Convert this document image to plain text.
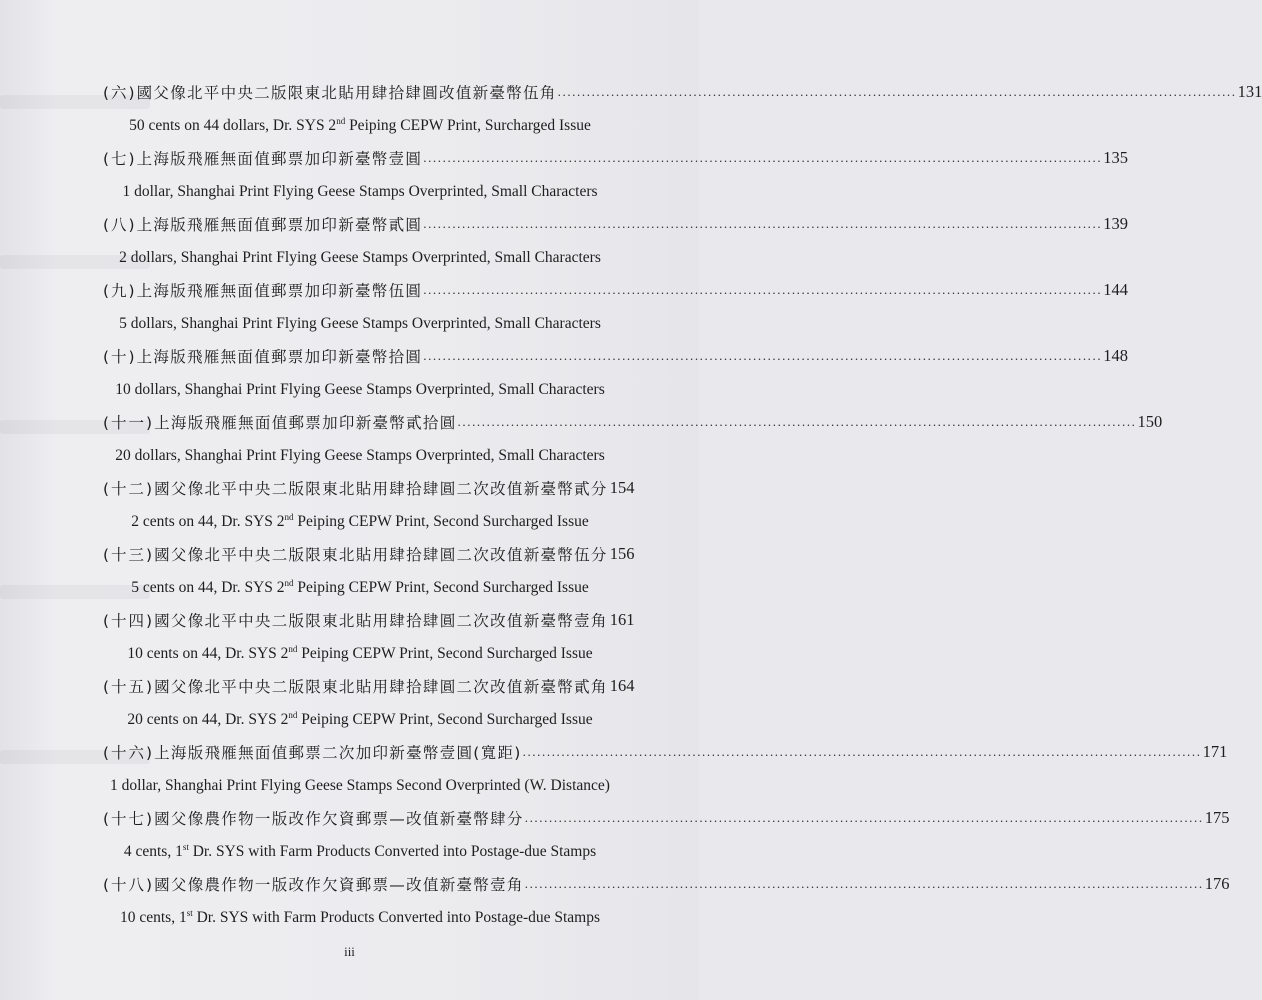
(六) 國父像北平中央二版限東北貼用肆拾肆圓改值新臺幣伍角 ............................................................................................................................................ 131
50 cents on 44 dollars, Dr. SYS 2nd Peiping CEPW Print, Surcharged Issue
(七) 上海版飛雁無面值郵票加印新臺幣壹圓 ............................................................................................................................................ 135
1 dollar, Shanghai Print Flying Geese Stamps Overprinted, Small Characters
(八) 上海版飛雁無面值郵票加印新臺幣貳圓 ............................................................................................................................................ 139
2 dollars, Shanghai Print Flying Geese Stamps Overprinted, Small Characters
(九) 上海版飛雁無面值郵票加印新臺幣伍圓 ............................................................................................................................................ 144
5 dollars, Shanghai Print Flying Geese Stamps Overprinted, Small Characters
(十) 上海版飛雁無面值郵票加印新臺幣拾圓 ............................................................................................................................................ 148
10 dollars, Shanghai Print Flying Geese Stamps Overprinted, Small Characters
(十一) 上海版飛雁無面值郵票加印新臺幣貳拾圓 ............................................................................................................................................ 150
20 dollars, Shanghai Print Flying Geese Stamps Overprinted, Small Characters
(十二) 國父像北平中央二版限東北貼用肆拾肆圓二次改值新臺幣貳分 154
2 cents on 44, Dr. SYS 2nd Peiping CEPW Print, Second Surcharged Issue
(十三) 國父像北平中央二版限東北貼用肆拾肆圓二次改值新臺幣伍分 156
5 cents on 44, Dr. SYS 2nd Peiping CEPW Print, Second Surcharged Issue
(十四) 國父像北平中央二版限東北貼用肆拾肆圓二次改值新臺幣壹角 161
10 cents on 44, Dr. SYS 2nd Peiping CEPW Print, Second Surcharged Issue
(十五) 國父像北平中央二版限東北貼用肆拾肆圓二次改值新臺幣貳角 164
20 cents on 44, Dr. SYS 2nd Peiping CEPW Print, Second Surcharged Issue
(十六) 上海版飛雁無面值郵票二次加印新臺幣壹圓(寬距) ............................................................................................................................................ 171
1 dollar, Shanghai Print Flying Geese Stamps Second Overprinted (W. Distance)
(十七) 國父像農作物一版改作欠資郵票—改值新臺幣肆分 ............................................................................................................................................ 175
4 cents, 1st Dr. SYS with Farm Products Converted into Postage-due Stamps
(十八) 國父像農作物一版改作欠資郵票—改值新臺幣壹角 ............................................................................................................................................ 176
10 cents, 1st Dr. SYS with Farm Products Converted into Postage-due Stamps
iii
